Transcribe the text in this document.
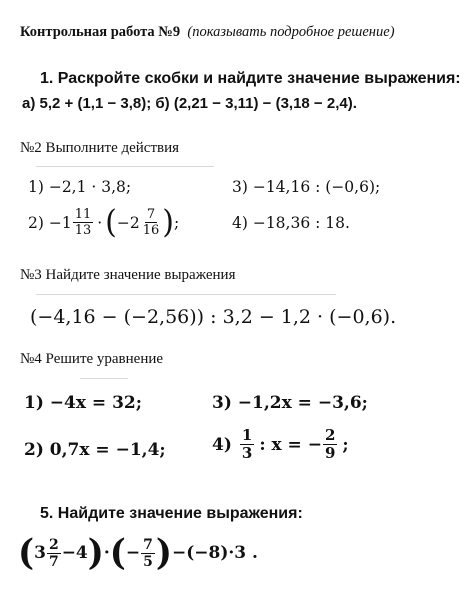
Контрольная работа №9 (показывать подробное решение)
1. Раскройте скобки и найдите значение выражения:
а) 5,2 + (1,1 − 3,8); б) (2,21 − 3,11) − (3,18 − 2,4).
№2 Выполните действия
1) −2,1 · 3,8;	3) −14,16 : (−0,6);
$2) -1 \frac{11}{13}$ · ( $-2 \frac{7}{16}$ ) ;	4) −18,36 : 18.
№3 Найдите значение выражения
(−4,16 − (−2,56)) : 3,2 − 1,2 · (−0,6).
№4 Решите уравнение
1) −4x = 32;	3) −1,2x = −3,6;
2) 0,7x = −1,4;	$4) \frac{1}{3}$ : x = − $\frac{2}{9}$ ;
5. Найдите значение выражения:
( $3 \frac{2}{7} -4$ ) · ( − $\frac{7}{5}$ ) −(−8)·3 .
